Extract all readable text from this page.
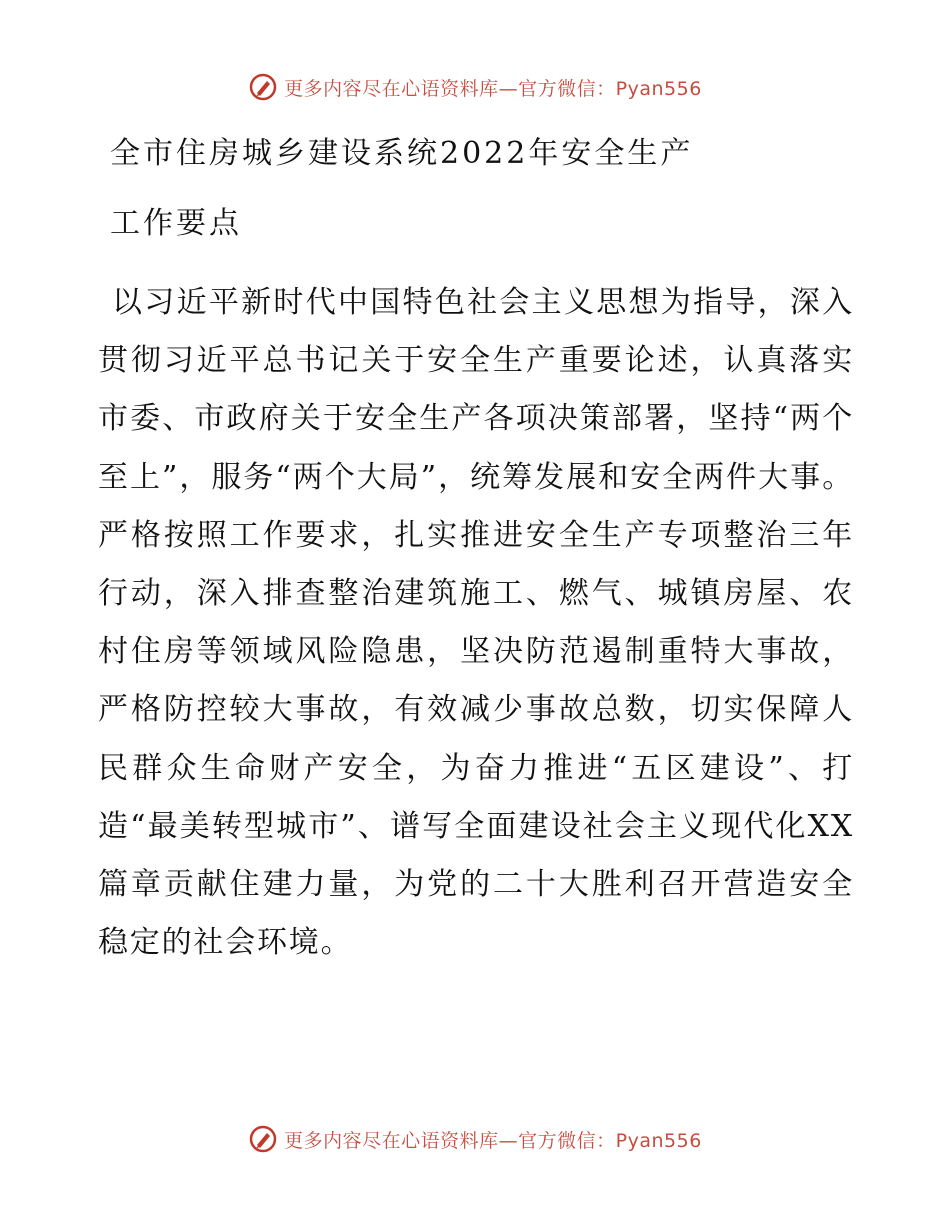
更多内容尽在心语资料库—官方微信：Pyan556
全市住房城乡建设系统2022年安全生产
工作要点

以习近平新时代中国特色社会主义思想为指导，深入贯彻习近平总书记关于安全生产重要论述，认真落实市委、市政府关于安全生产各项决策部署，坚持“两个至上”，服务“两个大局”，统筹发展和安全两件大事。严格按照工作要求，扎实推进安全生产专项整治三年行动，深入排查整治建筑施工、燃气、城镇房屋、农村住房等领域风险隐患，坚决防范遏制重特大事故，严格防控较大事故，有效减少事故总数，切实保障人民群众生命财产安全，为奋力推进“五区建设”、打造“最美转型城市”、谱写全面建设社会主义现代化XX篇章贡献住建力量，为党的二十大胜利召开营造安全稳定的社会环境。

更多内容尽在心语资料库—官方微信：Pyan556
